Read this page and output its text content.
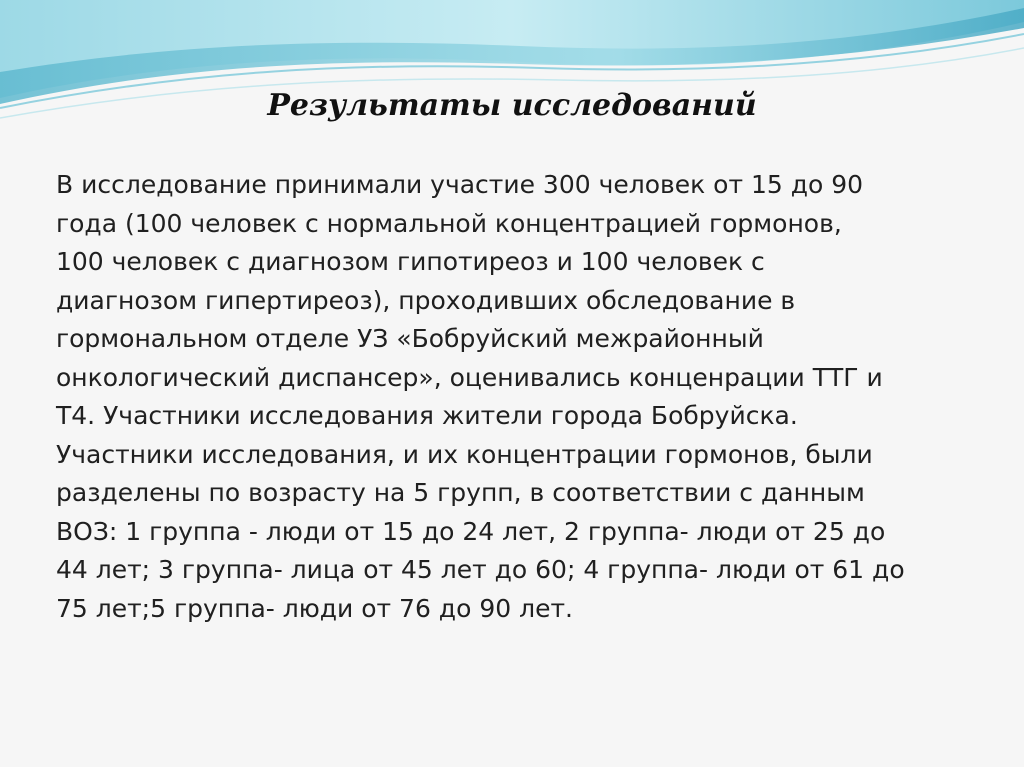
Результаты исследований
В исследование принимали участие 300 человек от 15 до 90
года (100 человек с нормальной концентрацией гормонов,
100 человек с диагнозом гипотиреоз и 100 человек с
диагнозом гипертиреоз), проходивших обследование в
гормональном отделе УЗ «Бобруйский межрайонный
онкологический диспансер», оценивались конценрации ТТГ и
Т4. Участники исследования жители города Бобруйска.
Участники исследования, и их концентрации гормонов, были
разделены по возрасту на 5 групп, в соответствии с данным
ВОЗ: 1 группа - люди от 15 до 24 лет, 2 группа- люди от 25 до
44 лет; 3 группа- лица от 45 лет до 60; 4 группа- люди от 61 до
75 лет;5 группа- люди от 76 до 90 лет.
